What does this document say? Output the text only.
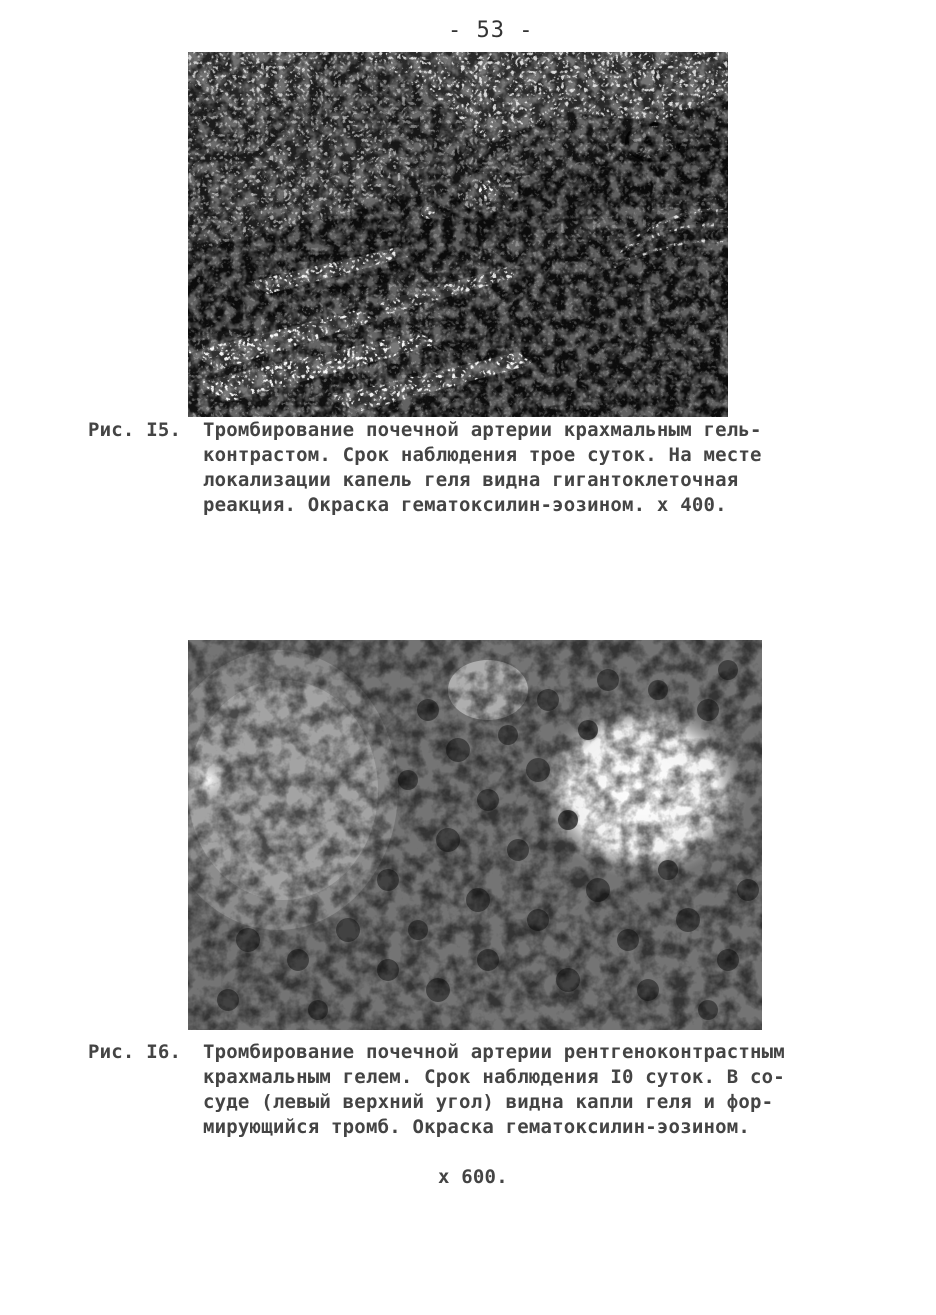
- 53 -
Рис. I5. Тромбирование почечной артерии крахмальным гель-
контрастом. Срок наблюдения трое суток. На месте
локализации капель геля видна гигантоклеточная
реакция. Окраска гематоксилин-эозином. х 400.
Рис. I6. Тромбирование почечной артерии рентгеноконтрастным
крахмальным гелем. Срок наблюдения I0 суток. В со-
суде (левый верхний угол) видна капли геля и фор-
мирующийся тромб. Окраска гематоксилин-эозином.
х 600.
